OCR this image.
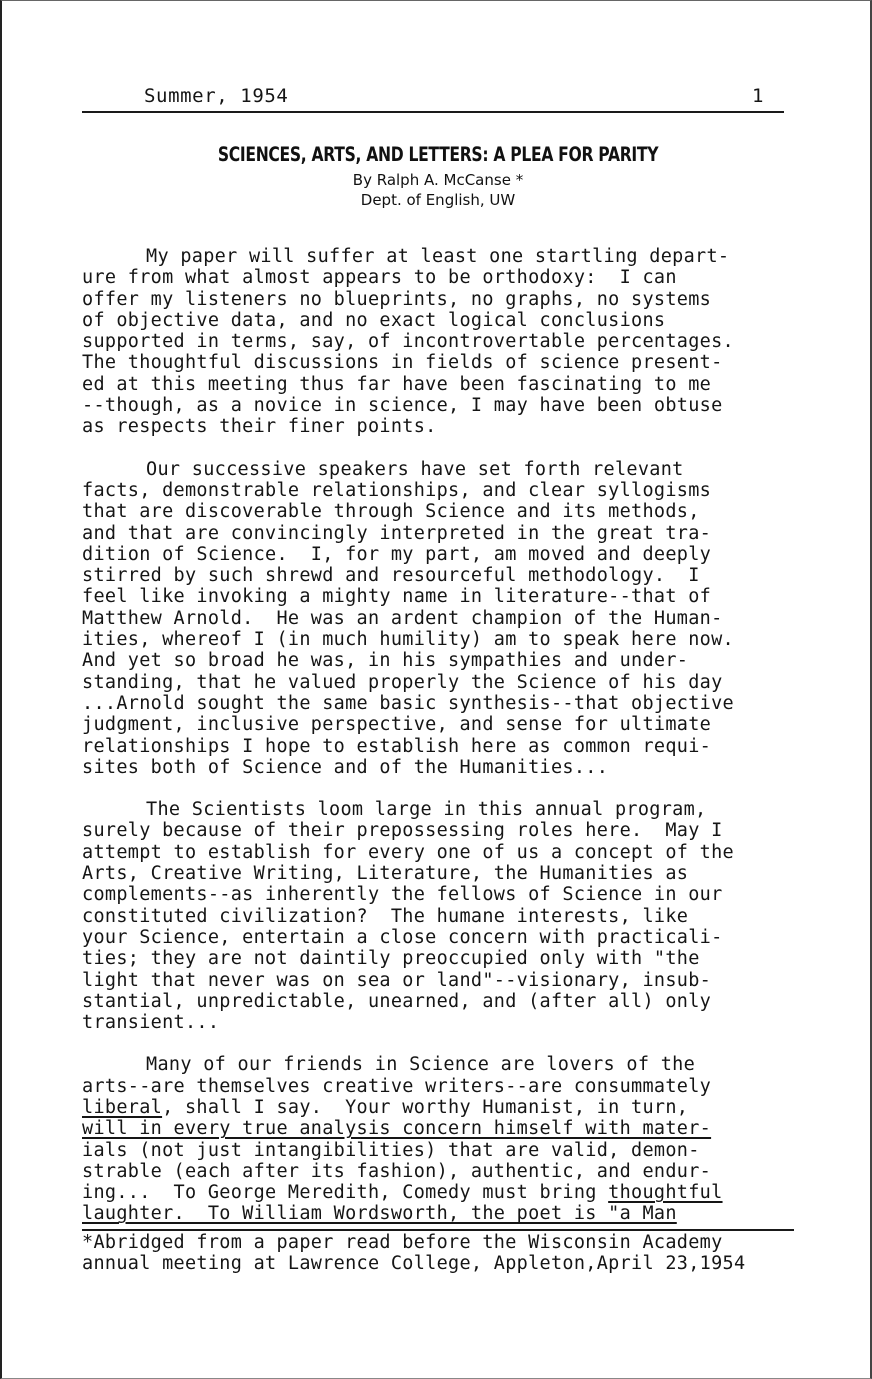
Summer, 1954	1
SCIENCES, ARTS, AND LETTERS: A PLEA FOR PARITY
By Ralph A. McCanse *
Dept. of English, UW
My paper will suffer at least one startling depart-
ure from what almost appears to be orthodoxy:  I can
offer my listeners no blueprints, no graphs, no systems
of objective data, and no exact logical conclusions
supported in terms, say, of incontrovertable percentages.
The thoughtful discussions in fields of science present-
ed at this meeting thus far have been fascinating to me
--though, as a novice in science, I may have been obtuse
as respects their finer points.
Our successive speakers have set forth relevant
facts, demonstrable relationships, and clear syllogisms
that are discoverable through Science and its methods,
and that are convincingly interpreted in the great tra-
dition of Science.  I, for my part, am moved and deeply
stirred by such shrewd and resourceful methodology.  I
feel like invoking a mighty name in literature--that of
Matthew Arnold.  He was an ardent champion of the Human-
ities, whereof I (in much humility) am to speak here now.
And yet so broad he was, in his sympathies and under-
standing, that he valued properly the Science of his day
...Arnold sought the same basic synthesis--that objective
judgment, inclusive perspective, and sense for ultimate
relationships I hope to establish here as common requi-
sites both of Science and of the Humanities...
The Scientists loom large in this annual program,
surely because of their prepossessing roles here.  May I
attempt to establish for every one of us a concept of the
Arts, Creative Writing, Literature, the Humanities as
complements--as inherently the fellows of Science in our
constituted civilization?  The humane interests, like
your Science, entertain a close concern with practicali-
ties; they are not daintily preoccupied only with "the
light that never was on sea or land"--visionary, insub-
stantial, unpredictable, unearned, and (after all) only
transient...
Many of our friends in Science are lovers of the
arts--are themselves creative writers--are consummately
liberal, shall I say.  Your worthy Humanist, in turn,
will in every true analysis concern himself with mater-
ials (not just intangibilities) that are valid, demon-
strable (each after its fashion), authentic, and endur-
ing...  To George Meredith, Comedy must bring thoughtful
laughter.  To William Wordsworth, the poet is "a Man
*Abridged from a paper read before the Wisconsin Academy
annual meeting at Lawrence College, Appleton,April 23,1954
